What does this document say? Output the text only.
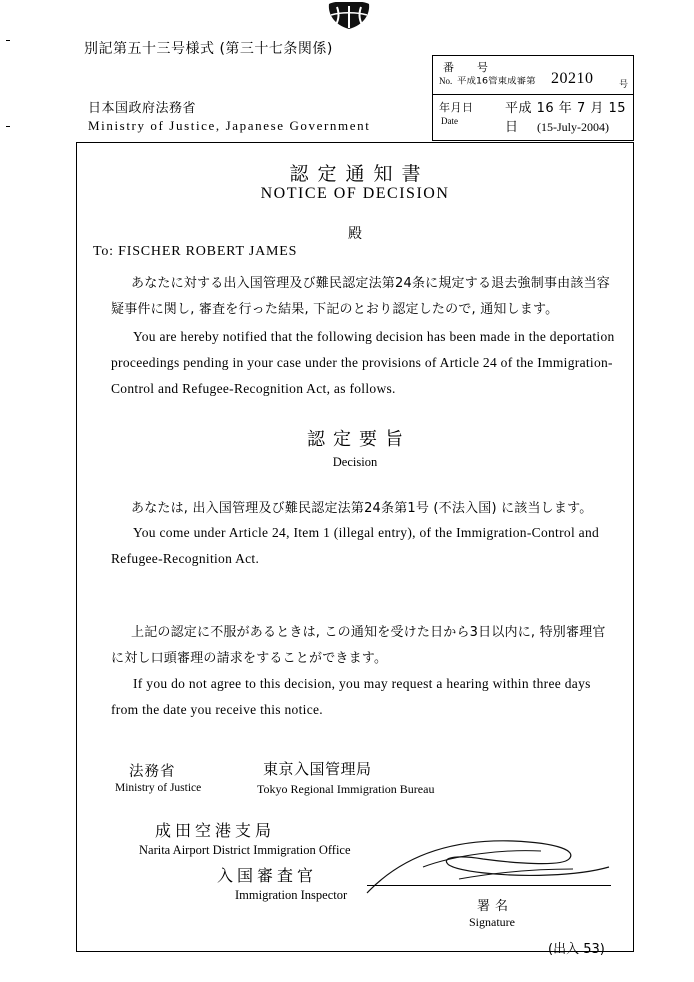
別記第五十三号様式 (第三十七条関係)
日本国政府法務省
Ministry of Justice, Japanese Government
番　号
No. 平成16管東成審第 20210	号
年月日
Date
平成 16 年 7 月 15 日	(15-July-2004)
認定通知書
NOTICE OF DECISION
殿
To: FISCHER ROBERT JAMES
あなたに対する出入国管理及び難民認定法第24条に規定する退去強制事由該当容疑事件に関し, 審査を行った結果, 下記のとおり認定したので, 通知します。
You are hereby notified that the following decision has been made in the deportation proceedings pending in your case under the provisions of Article 24 of the Immigration-Control and Refugee-Recognition Act, as follows.
認定要旨
Decision
あなたは, 出入国管理及び難民認定法第24条第1号 (不法入国) に該当します。
You come under Article 24, Item 1 (illegal entry), of the Immigration-Control and Refugee-Recognition Act.
上記の認定に不服があるときは, この通知を受けた日から3日以内に, 特別審理官に対し口頭審理の請求をすることができます。
If you do not agree to this decision, you may request a hearing within three days from the date you receive this notice.
法務省
Ministry of Justice
東京入国管理局
Tokyo Regional Immigration Bureau
成田空港支局
Narita Airport District Immigration Office
入国審査官
Immigration Inspector
署名
Signature
(出入 53)
